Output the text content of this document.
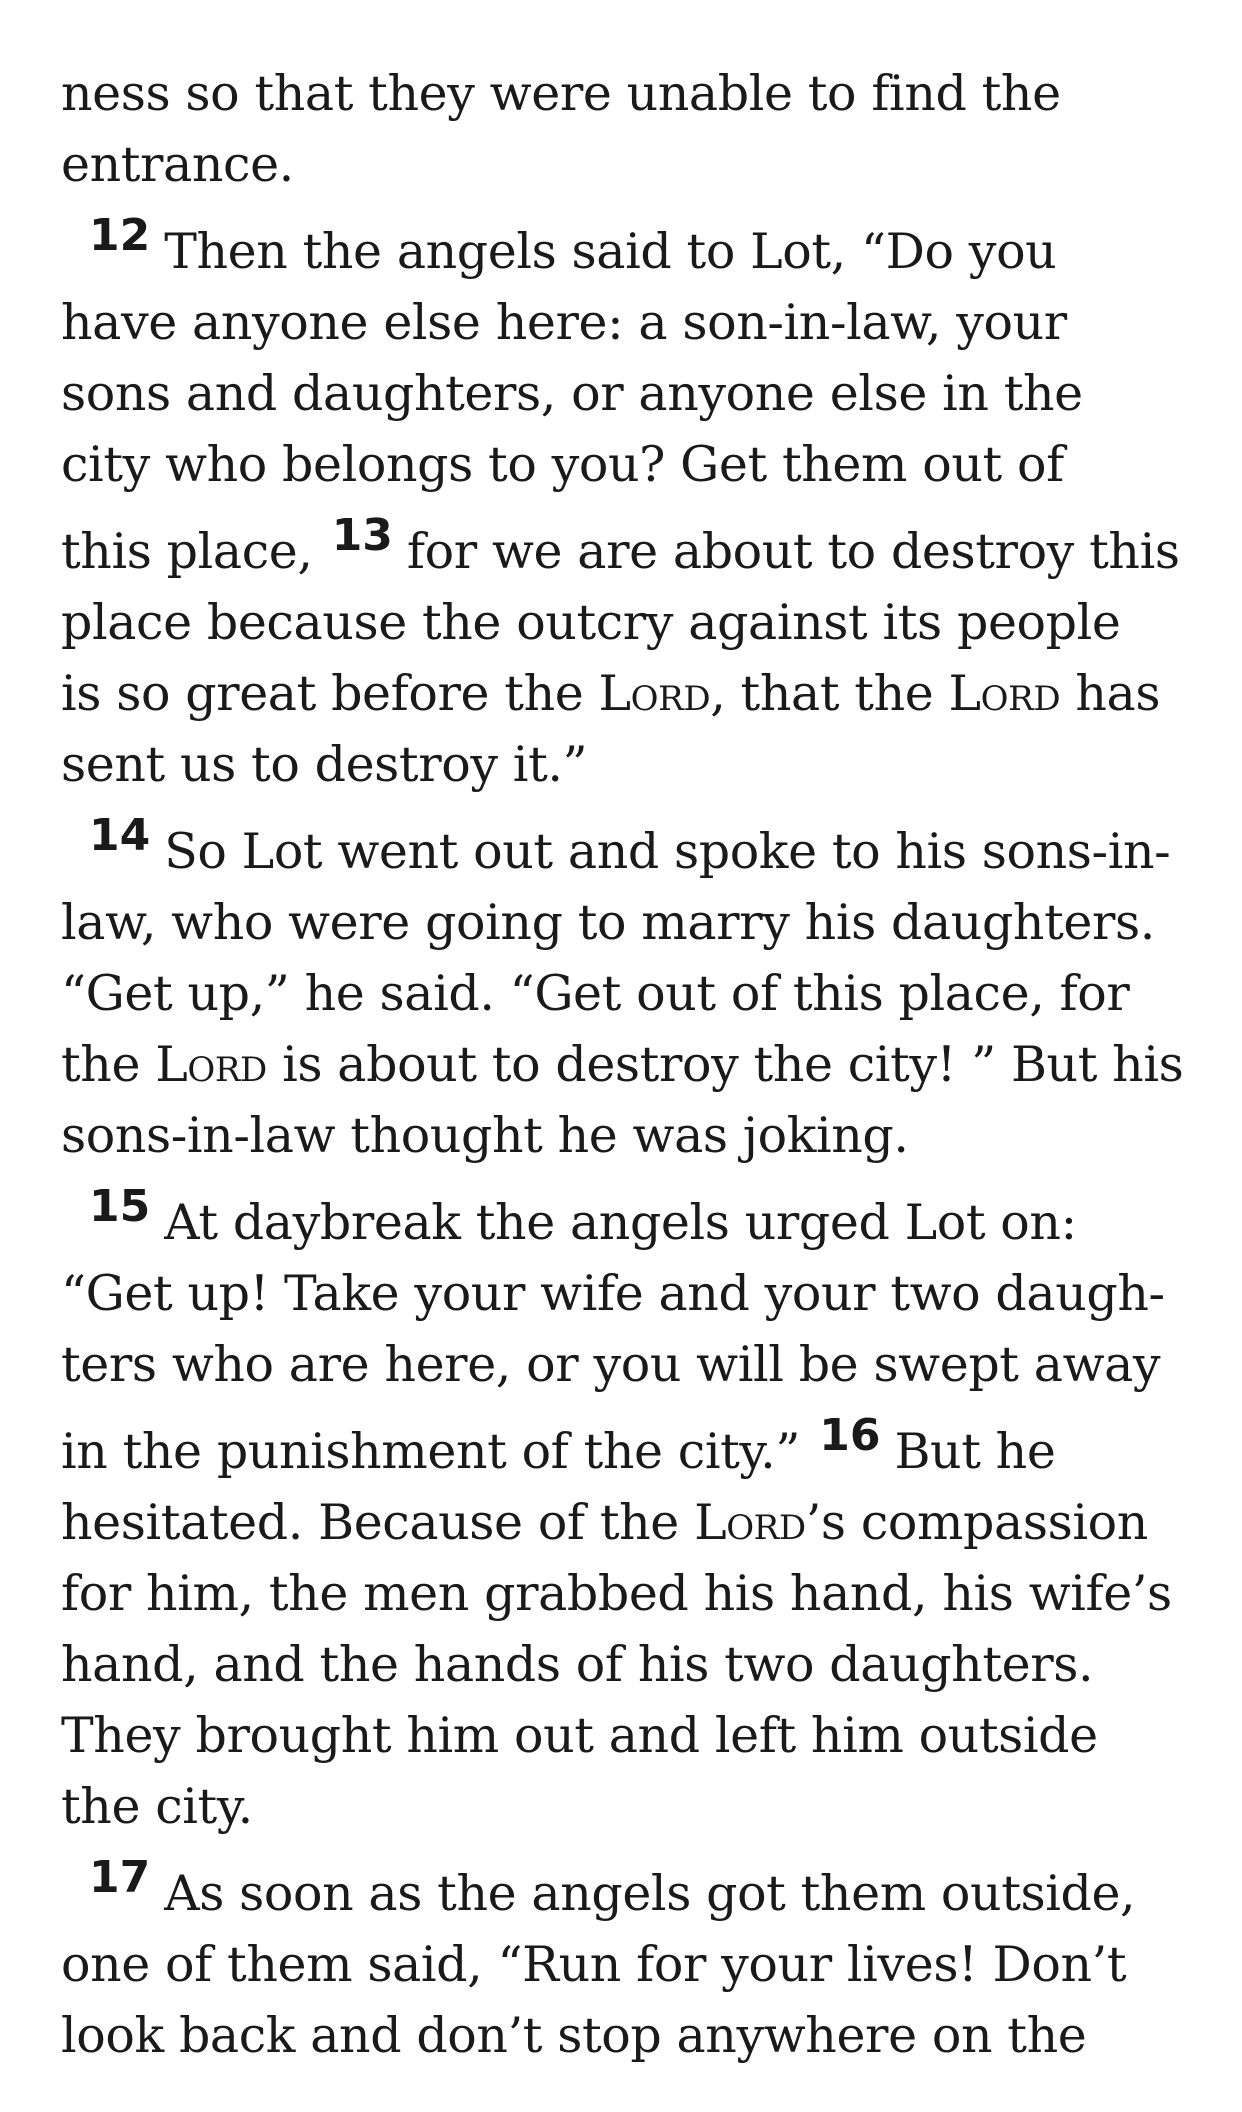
ness so that they were unable to find the
entrance.
12 Then the angels said to Lot, “Do you
have anyone else here: a son-in-law, your
sons and daughters, or anyone else in the
city who belongs to you? Get them out of
this place, 13 for we are about to destroy this
place because the outcry against its people
is so great before the Lord, that the Lord has
sent us to destroy it.”
14 So Lot went out and spoke to his sons-in-
law, who were going to marry his daughters.
“Get up,” he said. “Get out of this place, for
the Lord is about to destroy the city! ” But his
sons-in-law thought he was joking.
15 At daybreak the angels urged Lot on:
“Get up! Take your wife and your two daugh-
ters who are here, or you will be swept away
in the punishment of the city.” 16 But he
hesitated. Because of the Lord’s compassion
for him, the men grabbed his hand, his wife’s
hand, and the hands of his two daughters.
They brought him out and left him outside
the city.
17 As soon as the angels got them outside,
one of them said, “Run for your lives! Don’t
look back and don’t stop anywhere on the
